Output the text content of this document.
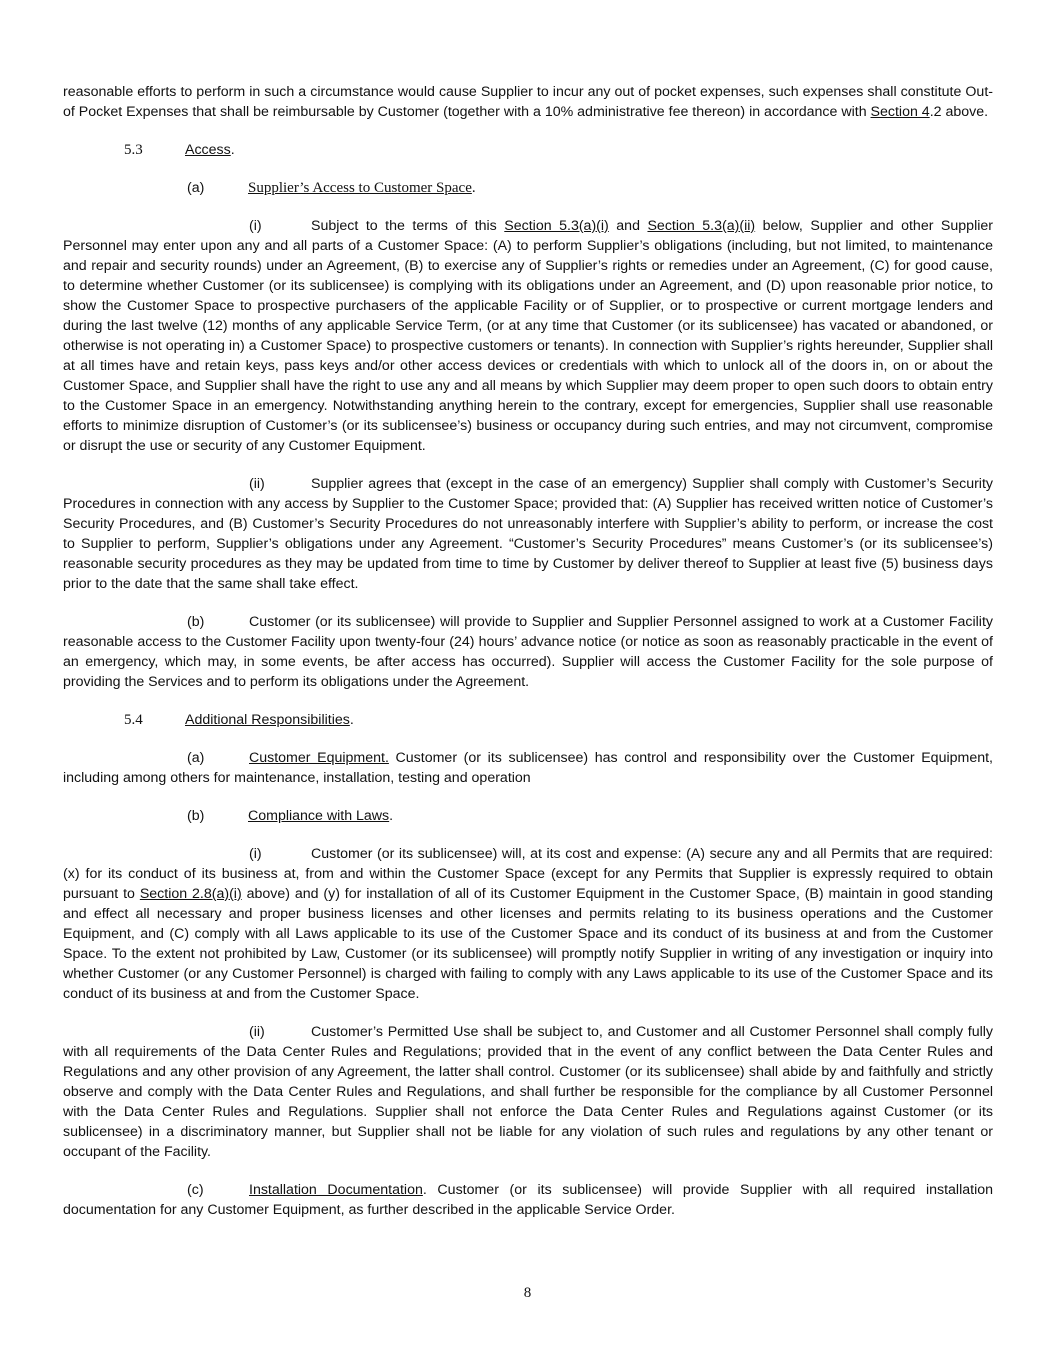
reasonable efforts to perform in such a circumstance would cause Supplier to incur any out of pocket expenses, such expenses shall constitute Out-of Pocket Expenses that shall be reimbursable by Customer (together with a 10% administrative fee thereon) in accordance with Section 4.2 above.

5.3	Access.
(a)	Supplier’s Access to Customer Space.

(i)	Subject to the terms of this Section 5.3(a)(i) and Section 5.3(a)(ii) below, Supplier and other Supplier Personnel may enter upon any and all parts of a Customer Space: (A) to perform Supplier’s obligations (including, but not limited, to maintenance and repair and security rounds) under an Agreement, (B) to exercise any of Supplier’s rights or remedies under an Agreement, (C) for good cause, to determine whether Customer (or its sublicensee) is complying with its obligations under an Agreement, and (D) upon reasonable prior notice, to show the Customer Space to prospective purchasers of the applicable Facility or of Supplier, or to prospective or current mortgage lenders and during the last twelve (12) months of any applicable Service Term, (or at any time that Customer (or its sublicensee) has vacated or abandoned, or otherwise is not operating in) a Customer Space) to prospective customers or tenants). In connection with Supplier’s rights hereunder, Supplier shall at all times have and retain keys, pass keys and/or other access devices or credentials with which to unlock all of the doors in, on or about the Customer Space, and Supplier shall have the right to use any and all means by which Supplier may deem proper to open such doors to obtain entry to the Customer Space in an emergency. Notwithstanding anything herein to the contrary, except for emergencies, Supplier shall use reasonable efforts to minimize disruption of Customer’s (or its sublicensee’s) business or occupancy during such entries, and may not circumvent, compromise or disrupt the use or security of any Customer Equipment.

(ii)	Supplier agrees that (except in the case of an emergency) Supplier shall comply with Customer’s Security Procedures in connection with any access by Supplier to the Customer Space; provided that: (A) Supplier has received written notice of Customer’s Security Procedures, and (B) Customer’s Security Procedures do not unreasonably interfere with Supplier’s ability to perform, or increase the cost to Supplier to perform, Supplier’s obligations under any Agreement. “Customer’s Security Procedures” means Customer’s (or its sublicensee’s) reasonable security procedures as they may be updated from time to time by Customer by deliver thereof to Supplier at least five (5) business days prior to the date that the same shall take effect.

(b)	Customer (or its sublicensee) will provide to Supplier and Supplier Personnel assigned to work at a Customer Facility reasonable access to the Customer Facility upon twenty-four (24) hours’ advance notice (or notice as soon as reasonably practicable in the event of an emergency, which may, in some events, be after access has occurred). Supplier will access the Customer Facility for the sole purpose of providing the Services and to perform its obligations under the Agreement.

5.4	Additional Responsibilities.

(a)	Customer Equipment. Customer (or its sublicensee) has control and responsibility over the Customer Equipment, including among others for maintenance, installation, testing and operation

(b)	Compliance with Laws.

(i)	Customer (or its sublicensee) will, at its cost and expense: (A) secure any and all Permits that are required: (x) for its conduct of its business at, from and within the Customer Space (except for any Permits that Supplier is expressly required to obtain pursuant to Section 2.8(a)(i) above) and (y) for installation of all of its Customer Equipment in the Customer Space, (B) maintain in good standing and effect all necessary and proper business licenses and other licenses and permits relating to its business operations and the Customer Equipment, and (C) comply with all Laws applicable to its use of the Customer Space and its conduct of its business at and from the Customer Space. To the extent not prohibited by Law, Customer (or its sublicensee) will promptly notify Supplier in writing of any investigation or inquiry into whether Customer (or any Customer Personnel) is charged with failing to comply with any Laws applicable to its use of the Customer Space and its conduct of its business at and from the Customer Space.

(ii)	Customer’s Permitted Use shall be subject to, and Customer and all Customer Personnel shall comply fully with all requirements of the Data Center Rules and Regulations; provided that in the event of any conflict between the Data Center Rules and Regulations and any other provision of any Agreement, the latter shall control. Customer (or its sublicensee) shall abide by and faithfully and strictly observe and comply with the Data Center Rules and Regulations, and shall further be responsible for the compliance by all Customer Personnel with the Data Center Rules and Regulations. Supplier shall not enforce the Data Center Rules and Regulations against Customer (or its sublicensee) in a discriminatory manner, but Supplier shall not be liable for any violation of such rules and regulations by any other tenant or occupant of the Facility.

(c)	Installation Documentation. Customer (or its sublicensee) will provide Supplier with all required installation documentation for any Customer Equipment, as further described in the applicable Service Order.

8
